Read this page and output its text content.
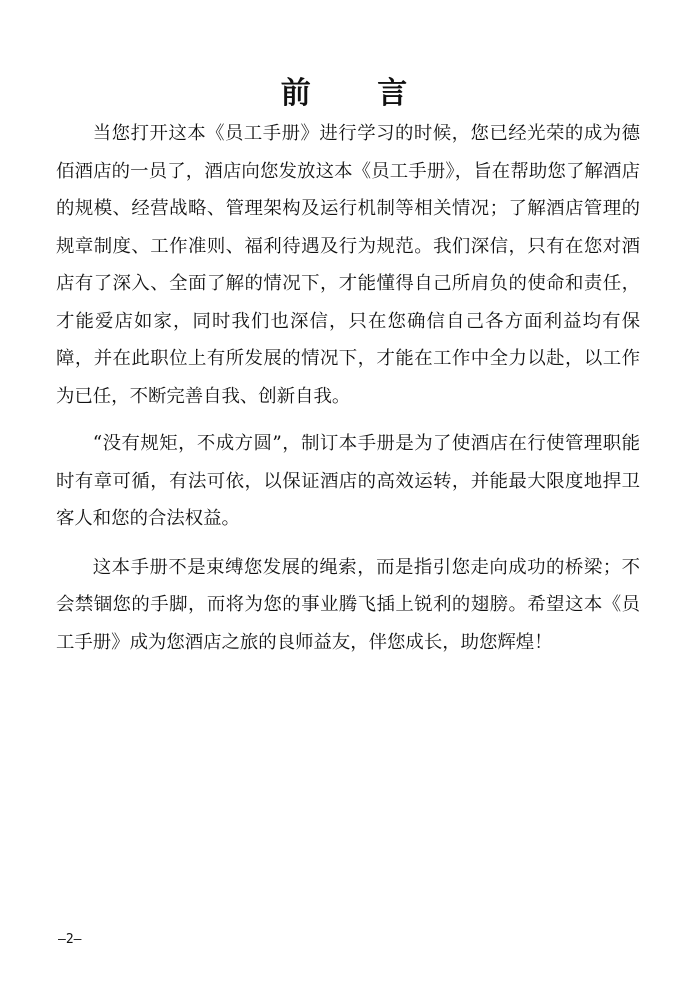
前 言

当您打开这本《员工手册》进行学习的时候，您已经光荣的成为德佰酒店的一员了，酒店向您发放这本《员工手册》，旨在帮助您了解酒店的规模、经营战略、管理架构及运行机制等相关情况；了解酒店管理的规章制度、工作准则、福利待遇及行为规范。我们深信，只有在您对酒店有了深入、全面了解的情况下，才能懂得自己所肩负的使命和责任，才能爱店如家，同时我们也深信，只在您确信自己各方面利益均有保障，并在此职位上有所发展的情况下，才能在工作中全力以赴，以工作为已任，不断完善自我、创新自我。

“没有规矩，不成方圆”，制订本手册是为了使酒店在行使管理职能时有章可循，有法可依，以保证酒店的高效运转，并能最大限度地捍卫客人和您的合法权益。

这本手册不是束缚您发展的绳索，而是指引您走向成功的桥梁；不会禁锢您的手脚，而将为您的事业腾飞插上锐利的翅膀。希望这本《员工手册》成为您酒店之旅的良师益友，伴您成长，助您辉煌！

—2—
